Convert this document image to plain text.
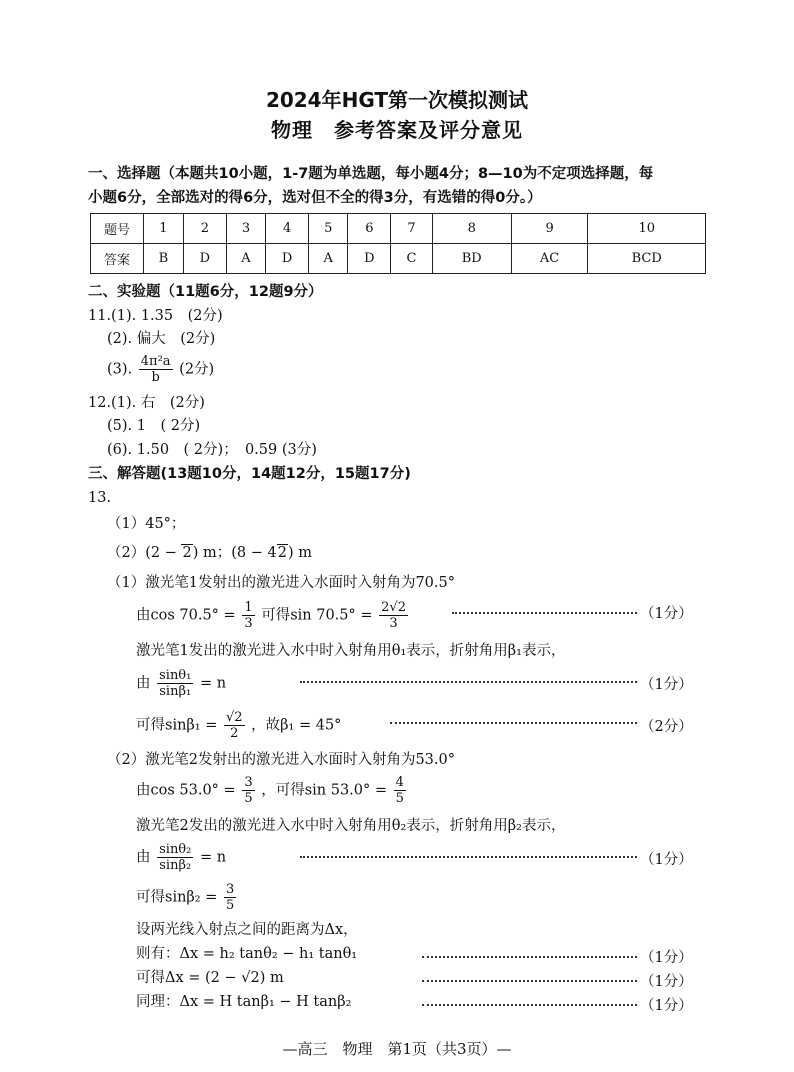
2024年HGT第一次模拟测试
物理　参考答案及评分意见
一、选择题（本题共10小题，1-7题为单选题，每小题4分；8—10为不定项选择题，每
小题6分，全部选对的得6分，选对但不全的得3分，有选错的得0分。）
题号	1	2	3	4	5	6	7	8	9	10
答案	B	D	A	D	A	D	C	BD	AC	BCD
二、实验题（11题6分，12题9分）
11.(1). 1.35　(2分)
(2). 偏大　(2分)
(3). $\frac{\text{4π²a}}{b} (2$分)
12.(1). 右　(2分)
(5). 1　( 2分)
(6). 1.50　( 2分)；　0.59 (3分)
三、解答题(13题10分，14题12分，15题17分)
13.
（1）45°；
（2）(2 − 2) m；(8 − 42) m
（1）激光笔1发射出的激光进入水面时入射角为70.5°
由$\cos 70.5^\circ = \frac{1}{3}$ 可得$\sin 70.5^\circ = \frac{2√2}{3}$	（1分）
激光笔1发出的激光进入水中时入射角用θ₁表示，折射角用β₁表示，
由 $\frac{\text{sinθ₁}}{\text{sinβ₁}} = n$	（1分）
可得$\sin\beta_1 = \frac{√2}{2}$ ，故β₁ = 45°	（2分）
（2）激光笔2发射出的激光进入水面时入射角为53.0°
由$\cos 53.0^\circ = \frac{3}{5}$ ，可得$\sin 53.0^\circ = \frac{4}{5}$
激光笔2发出的激光进入水中时入射角用θ₂表示，折射角用β₂表示，
由 $\frac{\text{sinθ₂}}{\text{sinβ₂}} = n$	（1分）
可得$\sin\beta_2 = \frac{3}{5}$
设两光线入射点之间的距离为Δx，
则有：Δx = h₂ tanθ₂ − h₁ tanθ₁	（1分）
可得Δx = (2 − √2) m	（1分）
同理：Δx = H tanβ₁ − H tanβ₂	（1分）
—高三　物理　第1页（共3页）—
